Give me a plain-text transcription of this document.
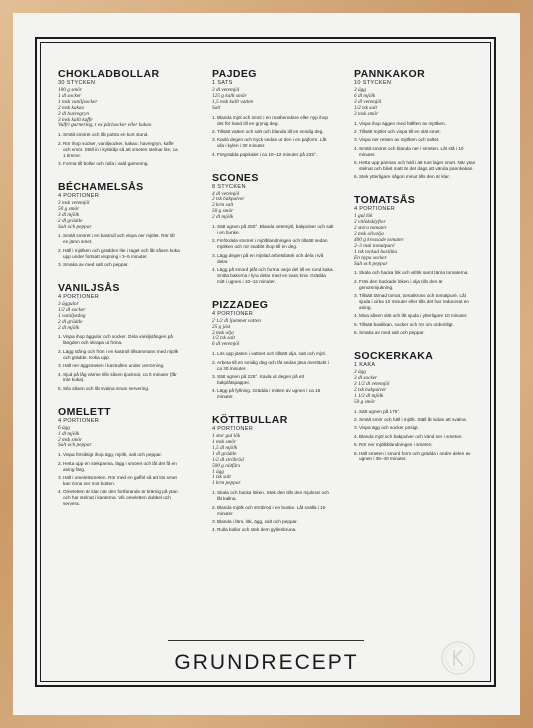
CHOKLADBOLLAR
30 STYCKEN
100 g smör
1 dl socker
1 msk vaniljsocker
2 msk kakao
3 dl havregryn
3 msk kallt kaffe
Valfri garnering, t ex pärlsocker eller kakao
1.Smält smöret och låt puttra en kort stund.
2.Rör ihop socker, vaniljsocker, kakao, havregryn, kaffe och smör. Ställ in i kylskåp så att smeten stelnar lite, ca 1 timme.
3.Forma till bollar och rulla i vald garnering.
BÉCHAMELSÅS
4 PORTIONER
3 msk vetemjöl
50 g smör
3 dl mjölk
2 dl grädde
Salt och peppar
1.Smält smöret i en kastrull och vispa ner mjölet. Rör till en jämn smet.
2.Häll i mjölken och grädden lite i taget och låt såsen koka upp under fortsatt vispning i 3–5 minuter.
3.Smaka av med salt och peppar.
VANILJSÅS
4 PORTIONER
3 äggulor
1/2 dl socker
1 vaniljstång
2 dl grädde
2 dl mjölk
1.Vispa ihop äggulor och socker. Dela vaniljstången på längden och skrapa ut fröna.
2.Lägg stång och frön i en kastrull tillsammans med mjölk och grädde. Koka upp.
3.Häll ner äggsmeten i kastrullen under omrörning.
4.Sjud på låg värme tills såsen tjocknar, ca 5 minuter (får inte koka).
5.Sila såsen och låt svalna innan servering.
OMELETT
4 PORTIONER
6 ägg
1 dl mjölk
2 msk smör
Salt och peppar
1.Vispa försiktigt ihop ägg, mjölk, salt och peppar.
2.Hetta upp en stekpanna, lägg i smöret och låt det få en aning färg.
3.Häll i omelettsmeten. Rör med en gaffel så att lös smet kan rinna ner mot botten.
4.Omeletten är klar när den fortfarande är krämig på ytan och har stelnat i kanterna. Vik omeletten dubbel och servera.
PAJDEG
1 SATS
3 dl vetemjöl
125 g kallt smör
1,5 msk kallt vatten
Salt
1.Blanda mjöl och smör i en matberedare eller nyp ihop det för hand till en grynig deg.
2.Tillsätt vatten och salt och blanda till en smidig deg.
3.Kavla degen och tryck sedan ut den i en pajform. Låt vila i kylen i 30 minuter.
4.Förgrädda pajskalet i ca 10–12 minuter på 225°.
SCONES
8 STYCKEN
4 dl vetemjöl
2 tsk bakpulver
2 krm salt
50 g smör
2 dl mjölk
1.Sätt ugnen på 250°. Blanda vetemjöl, bakpulver och salt i en bunke.
2.Finfördela smöret i mjölblandningen och tillsätt sedan mjölken och rör snabbt ihop till en deg.
3.Lägg degen på en mjölad arbetsbänk och dela i två delar.
4.Lägg på smord plåt och forma varje del till en rund kaka. Snitta bakorna i fyra delar med en vass kniv. Grädda mitt i ugnen i 10–12 minuter.
PIZZADEG
4 PORTIONER
2 1/2 dl ljummet vatten
25 g jäst
2 msk olja
1/2 tsk salt
6 dl vetemjöl
1.Lös upp jästen i vattnet och tillsätt olja, salt och mjöl.
2.Arbeta till en smidig deg och låt sedan jäsa övertäckt i ca 30 minuter.
3.Sätt ugnen på 225°. Kavla ut degen på ett bakplåtspapper.
4.Lägg på fyllning. Grädda i mitten av ugnen i ca 15 minuter.
KÖTTBULLAR
4 PORTIONER
1 stor gul lök
1 msk smör
1,5 dl mjölk
1 dl grädde
1/2 dl ströbröd
500 g nötfärs
1 ägg
1 tsk salt
1 krm peppar
1.Skala och hacka löken. Stek den tills den mjuknar och låt kallna.
2.Blanda mjölk och ströbröd i en bunke. Låt svälla i 10 minuter.
3.Blanda i färs, lök, ägg, salt och peppar.
4.Rulla bollar och stek dem gyllenbruna.
PANNKAKOR
10 STYCKEN
3 ägg
6 dl mjölk
3 dl vetemjöl
1/2 tsk salt
3 msk smör
1.Vispa ihop äggen med hälften av mjölken.
2.Tillsätt mjölet och vispa till en slät smet.
3.Vispa ner resten av mjölken och saltet.
4.Smält smöret och blanda ner i smeten. Låt stå i 10 minuter.
5.Hetta upp pannan och häll i att tunt lager smet. När ytan stelnat och blivit matt är det dags att vända pannkakan.
6.Stek ytterligare någon minut tills den är klar.
TOMATSÅS
4 PORTIONER
1 gul lök
2 vitlöksklyftor
2 stora tomater
2 msk olivolja
400 g krossade tomater
2–3 msk tomatpuré
1 tsk torkad basilika
En nypa socker
Salt och peppar
1.Skala och hacka lök och vitlök samt tärna tomaterna.
2.Fräs den hackade löken i olja tills den är genommjukning.
3.Tillsätt tärnad tomat, tomatkross och tomatpuré. Låt sjuda i cirka 10 minuter eller tills det har reducerat en aning.
4.Mixa såsen slät och låt sjuda i ytterligare 10 minuter.
5.Tillsätt basilikan, socker och rör om ordentligt.
6.Smaka av med salt och peppar.
SOCKERKAKA
1 KAKA
3 ägg
3 dl socker
3 1/2 dl vetemjöl
2 tsk bakpulver
1 1/2 dl mjölk
50 g smör
1.Sätt ugnen på 175°.
2.Smält smör och häll i mjölk. Ställ åt sidan att svalna.
3.Vispa ägg och socker pösigt.
4.Blanda mjöl och bakpulver och vänd ner i smeten.
5.Rör ner mjölkblandningen i smeten.
6.Häll smeten i smord form och grädda i nedre delen av ugnen i 35–40 minuter.
GRUNDRECEPT
